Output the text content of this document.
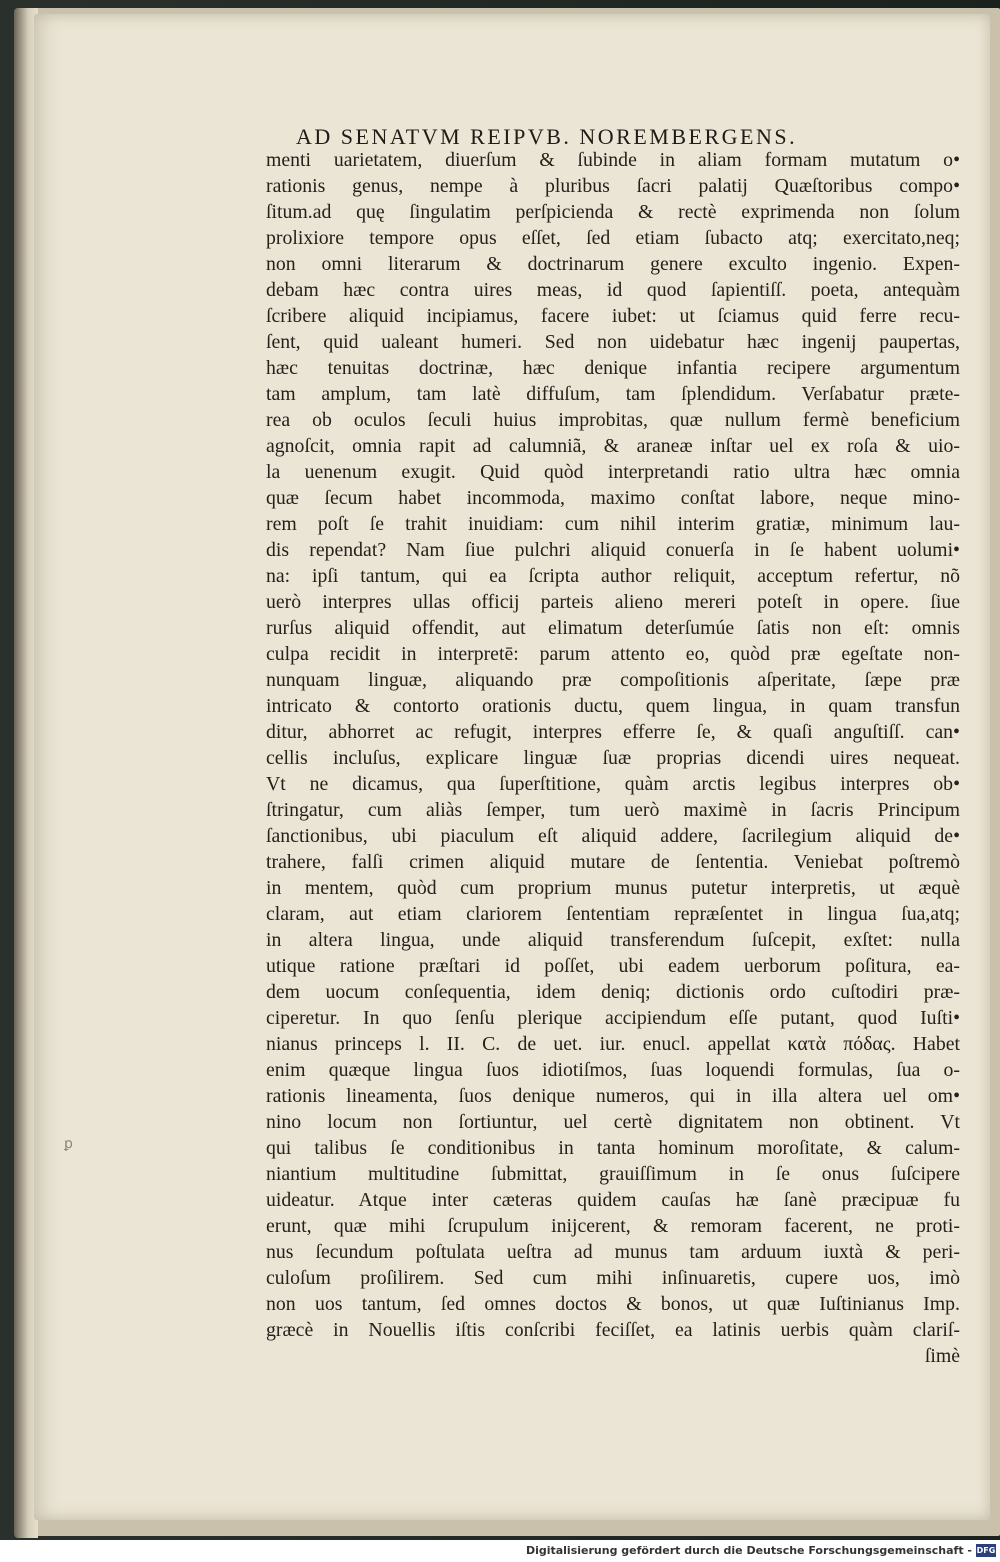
AD SENATVM REIPVB. NOREMBERGENS.
menti uarietatem, diuerſum & ſubinde in aliam formam mutatum o•
rationis genus, nempe à pluribus ſacri palatij Quæſtoribus compo•
ſitum.ad quę ſingulatim perſpicienda & rectè exprimenda non ſolum
prolixiore tempore opus eſſet, ſed etiam ſubacto atq; exercitato,neq;
non omni literarum & doctrinarum genere exculto ingenio. Expen-
debam hæc contra uires meas, id quod ſapientiſſ. poeta, antequàm
ſcribere aliquid incipiamus, facere iubet: ut ſciamus quid ferre recu-
ſent, quid ualeant humeri. Sed non uidebatur hæc ingenij paupertas,
hæc tenuitas doctrinæ, hæc denique infantia recipere argumentum
tam amplum, tam latè diffuſum, tam ſplendidum. Verſabatur præte-
rea ob oculos ſeculi huius improbitas, quæ nullum fermè beneficium
agnoſcit, omnia rapit ad calumniã, & araneæ inſtar uel ex roſa & uio-
la uenenum exugit. Quid quòd interpretandi ratio ultra hæc omnia
quæ ſecum habet incommoda, maximo conſtat labore, neque mino-
rem poſt ſe trahit inuidiam: cum nihil interim gratiæ, minimum lau-
dis rependat? Nam ſiue pulchri aliquid conuerſa in ſe habent uolumi•
na: ipſi tantum, qui ea ſcripta author reliquit, acceptum refertur, nõ
uerò interpres ullas officij parteis alieno mereri poteſt in opere. ſiue
rurſus aliquid offendit, aut elimatum deterſumúe ſatis non eſt: omnis
culpa recidit in interpretē: parum attento eo, quòd præ egeſtate non-
nunquam linguæ, aliquando præ compoſitionis aſperitate, ſæpe præ
intricato & contorto orationis ductu, quem lingua, in quam transfun
ditur, abhorret ac refugit, interpres efferre ſe, & quaſi anguſtiſſ. can•
cellis incluſus, explicare linguæ ſuæ proprias dicendi uires nequeat.
Vt ne dicamus, qua ſuperſtitione, quàm arctis legibus interpres ob•
ſtringatur, cum aliàs ſemper, tum uerò maximè in ſacris Principum
ſanctionibus, ubi piaculum eſt aliquid addere, ſacrilegium aliquid de•
trahere, falſi crimen aliquid mutare de ſententia. Veniebat poſtremò
in mentem, quòd cum proprium munus putetur interpretis, ut æquè
claram, aut etiam clariorem ſententiam repræſentet in lingua ſua,atq;
in altera lingua, unde aliquid transferendum ſuſcepit, exſtet: nulla
utique ratione præſtari id poſſet, ubi eadem uerborum poſitura, ea-
dem uocum conſequentia, idem deniq; dictionis ordo cuſtodiri præ-
ciperetur. In quo ſenſu plerique accipiendum eſſe putant, quod Iuſti•
nianus princeps l. II. C. de uet. iur. enucl. appellat κατὰ πόδας. Habet
enim quæque lingua ſuos idiotiſmos, ſuas loquendi formulas, ſua o-
rationis lineamenta, ſuos denique numeros, qui in illa altera uel om•
nino locum non ſortiuntur, uel certè dignitatem non obtinent. Vt
qui talibus ſe conditionibus in tanta hominum moroſitate, & calum-
niantium multitudine ſubmittat, grauiſſimum in ſe onus ſuſcipere
uideatur. Atque inter cæteras quidem cauſas hæ ſanè præcipuæ fu
erunt, quæ mihi ſcrupulum inijcerent, & remoram facerent, ne proti-
nus ſecundum poſtulata ueſtra ad munus tam arduum iuxtà & peri-
culoſum proſilirem. Sed cum mihi inſinuaretis, cupere uos, imò
non uos tantum, ſed omnes doctos & bonos, ut quæ Iuſtinianus Imp.
græcè in Nouellis iſtis conſcribi feciſſet, ea latinis uerbis quàm clariſ-
ſimè
ꝑ
Digitalisierung gefördert durch die Deutsche Forschungsgemeinschaft - DFG
